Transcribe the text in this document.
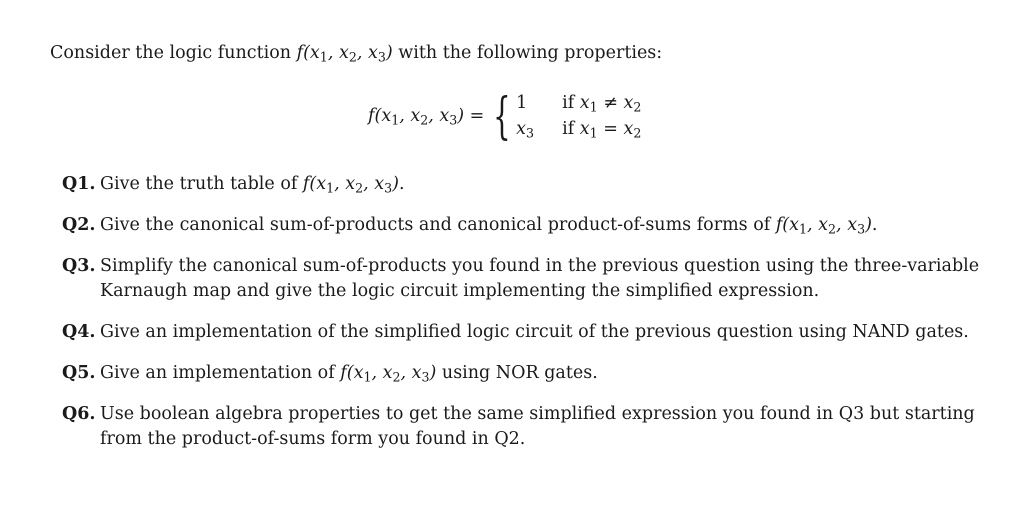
Consider the logic function $f(x_1$, $x_2$, $x_3$) with the following properties:
$f(x_1$, $x_2$, $x_3$) = { 1	if $x_1 \ne x_2$
$x_3$	if $x_1 = x_2$
Q1. Give the truth table of $f(x_1$, $x_2$, $x_3$).
Q2. Give the canonical sum-of-products and canonical product-of-sums forms of $f(x_1$, $x_2$, $x_3$).
Q3. Simplify the canonical sum-of-products you found in the previous question using the three-variable Karnaugh map and give the logic circuit implementing the simplified expression.
Q4. Give an implementation of the simplified logic circuit of the previous question using NAND gates.
Q5. Give an implementation of $f(x_1$, $x_2$, $x_3$) using NOR gates.
Q6. Use boolean algebra properties to get the same simplified expression you found in Q3 but starting from the product-of-sums form you found in Q2.
